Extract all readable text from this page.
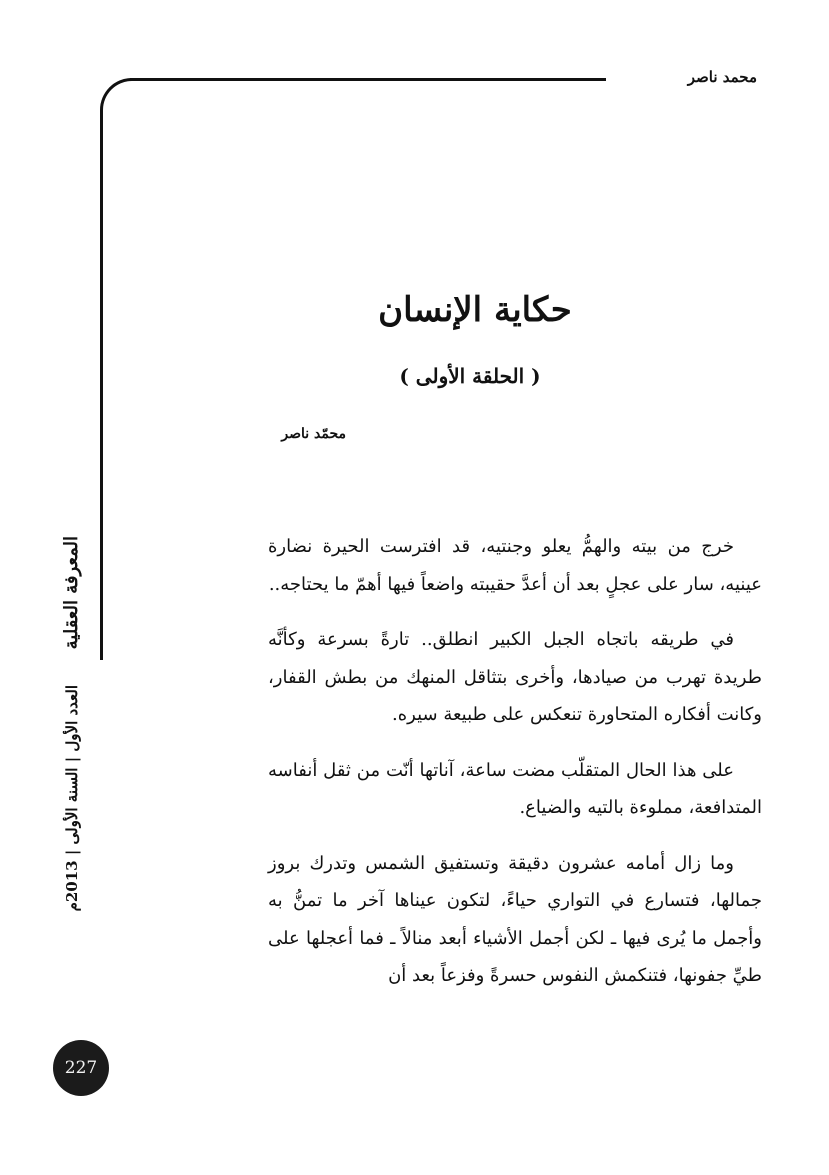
محمد ناصر
حكاية الإنسان
( الحلقة الأولى )
محمّد ناصر

خرج من بيته والهمُّ يعلو وجنتيه، قد افترست الحيرة نضارة عينيه، سار على عجلٍ بعد أن أعدَّ حقيبته واضعاً فيها أهمّ ما يحتاجه..

في طريقه باتجاه الجبل الكبير انطلق.. تارةً بسرعة وكأنَّه طريدة تهرب من صيادها، وأخرى بتثاقل المنهك من بطش القفار، وكانت أفكاره المتحاورة تنعكس على طبيعة سيره.

على هذا الحال المتقلّب مضت ساعة، آناتها أنّت من ثقل أنفاسه المتدافعة، مملوءة بالتيه والضياع.

وما زال أمامه عشرون دقيقة وتستفيق الشمس وتدرك بروز جمالها، فتسارع في التواري حياءً، لتكون عيناها آخر ما تمنُّ به وأجمل ما يُرى فيها ـ لكن أجمل الأشياء أبعد منالاً ـ فما أعجلها على طيِّ جفونها، فتنكمش النفوس حسرةً وفزعاً بعد أن

المعرفة العقلية
العدد الأول | السنة الأولى | 2013م
227
